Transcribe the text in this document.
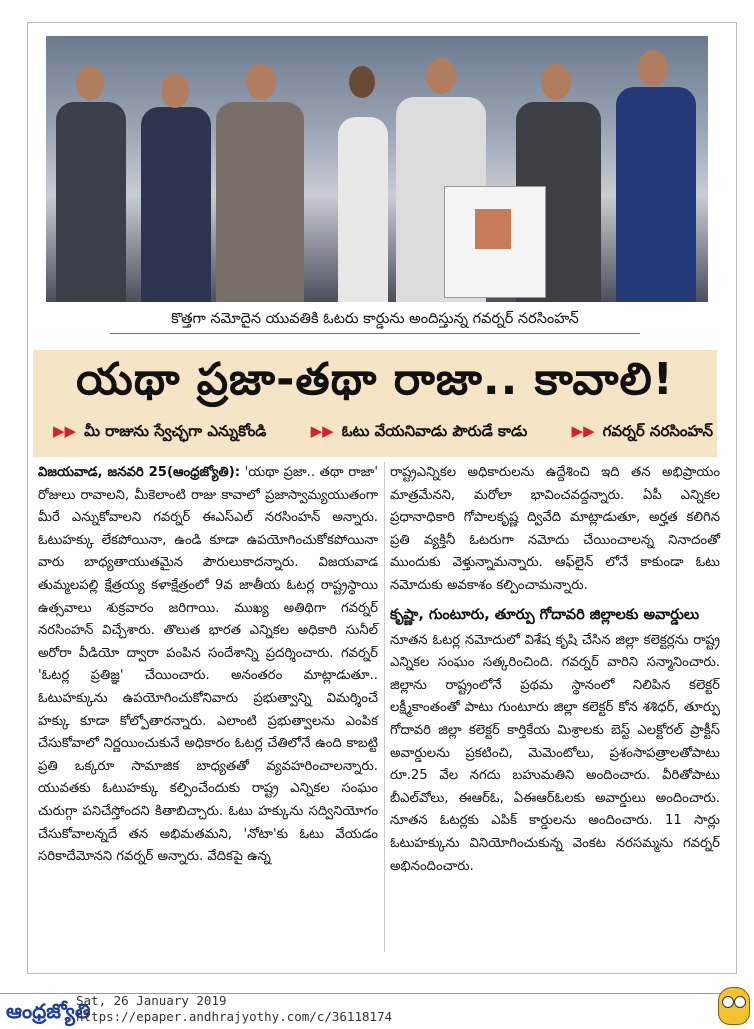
కొత్తగా నమోదైన యువతికి ఓటరు కార్డును అందిస్తున్న గవర్నర్ నరసింహన్
యథా ప్రజా-తథా రాజా.. కావాలి!
▶▶ మీ రాజును స్వేచ్ఛగా ఎన్నుకోండి	▶▶ ఓటు వేయనివాడు పౌరుడే కాడు	▶▶ గవర్నర్ నరసింహన్

విజయవాడ, జనవరి 25(ఆంధ్రజ్యోతి): 'యథా ప్రజా.. తథా రాజా' రోజులు రావాలని, మీకెలాంటి రాజు కావాలో ప్రజాస్వామ్యయుతంగా మీరే ఎన్నుకోవాలని గవర్నర్ ఈఎస్ఎల్ నరసింహన్ అన్నారు. ఓటుహక్కు లేకపోయినా, ఉండి కూడా ఉపయోగించుకోకపోయినా వారు బాధ్యతాయుతమైన పౌరులుకాదన్నారు. విజయవాడ తుమ్మలపల్లి క్షేత్రయ్య కళాక్షేత్రంలో 9వ జాతీయ ఓటర్ల రాష్ట్రస్థాయి ఉత్సవాలు శుక్రవారం జరిగాయి. ముఖ్య అతిథిగా గవర్నర్ నరసింహన్ విచ్చేశారు. తొలుత భారత ఎన్నికల అధికారి సునీల్ అరోరా వీడియో ద్వారా పంపిన సందేశాన్ని ప్రదర్శించారు. గవర్నర్ 'ఓటర్ల ప్రతిజ్ఞ' చేయించారు. అనంతరం మాట్లాడుతూ.. ఓటుహక్కును ఉపయోగించుకోనివారు ప్రభుత్వాన్ని విమర్శించే హక్కు కూడా కోల్పోతారన్నారు. ఎలాంటి ప్రభుత్వాలను ఎంపిక చేసుకోవాలో నిర్ణయించుకునే అధికారం ఓటర్ల చేతిలోనే ఉంది కాబట్టి ప్రతి ఒక్కరూ సామాజిక బాధ్యతతో వ్యవహరించాలన్నారు. యువతకు ఓటుహక్కు కల్పించేందుకు రాష్ట్ర ఎన్నికల సంఘం చురుగ్గా పనిచేస్తోందని కితాబిచ్చారు. ఓటు హక్కును సద్వినియోగం చేసుకోవాలన్నదే తన అభిమతమని, 'నోటా'కు ఓటు వేయడం సరికాదేమోనని గవర్నర్ అన్నారు. వేదికపై ఉన్న

రాష్ట్రఎన్నికల అధికారులను ఉద్దేశించి ఇది తన అభిప్రాయం మాత్రమేనని, మరోలా భావించవద్దన్నారు. ఏపీ ఎన్నికల ప్రధానాధికారి గోపాలకృష్ణ ద్వివేది మాట్లాడుతూ, అర్హత కలిగిన ప్రతి వ్యక్తినీ ఓటరుగా నమోదు చేయించాలన్న నినాదంతో ముందుకు వెళ్తున్నామన్నారు. ఆఫ్‌లైన్ లోనే కాకుండా ఓటు నమోదుకు అవకాశం కల్పించామన్నారు.

కృష్ణా, గుంటూరు, తూర్పు గోదావరి జిల్లాలకు అవార్డులు

నూతన ఓటర్ల నమోదులో విశేష కృషి చేసిన జిల్లా కలెక్టర్లను రాష్ట్ర ఎన్నికల సంఘం సత్కరించింది. గవర్నర్ వారిని సన్మానించారు. జిల్లాను రాష్ట్రంలోనే ప్రథమ స్థానంలో నిలిపిన కలెక్టర్ లక్ష్మీకాంతంతో పాటు గుంటూరు జిల్లా కలెక్టర్ కోన శశిధర్, తూర్పు గోదావరి జిల్లా కలెక్టర్ కార్తికేయ మిశ్రాలకు బెస్ట్ ఎలక్టోరల్ ప్రాక్టీస్ అవార్డులను ప్రకటించి, మెమెంటోలు, ప్రశంసాపత్రాలతోపాటు రూ.25 వేల నగదు బహుమతిని అందించారు. వీరితోపాటు బీఎల్‌వోలు, ఈఆర్ఓ, ఏఈఆర్ఓలకు అవార్డులు అందించారు. నూతన ఓటర్లకు ఎపిక్ కార్డులను అందించారు. 11 సార్లు ఓటుహక్కును వినియోగించుకున్న వెంకట నరసమ్మను గవర్నర్ అభినందించారు.

ఆంధ్రజ్యోతి
Sat, 26 January 2019
https://epaper.andhrajyothy.com/c/36118174
